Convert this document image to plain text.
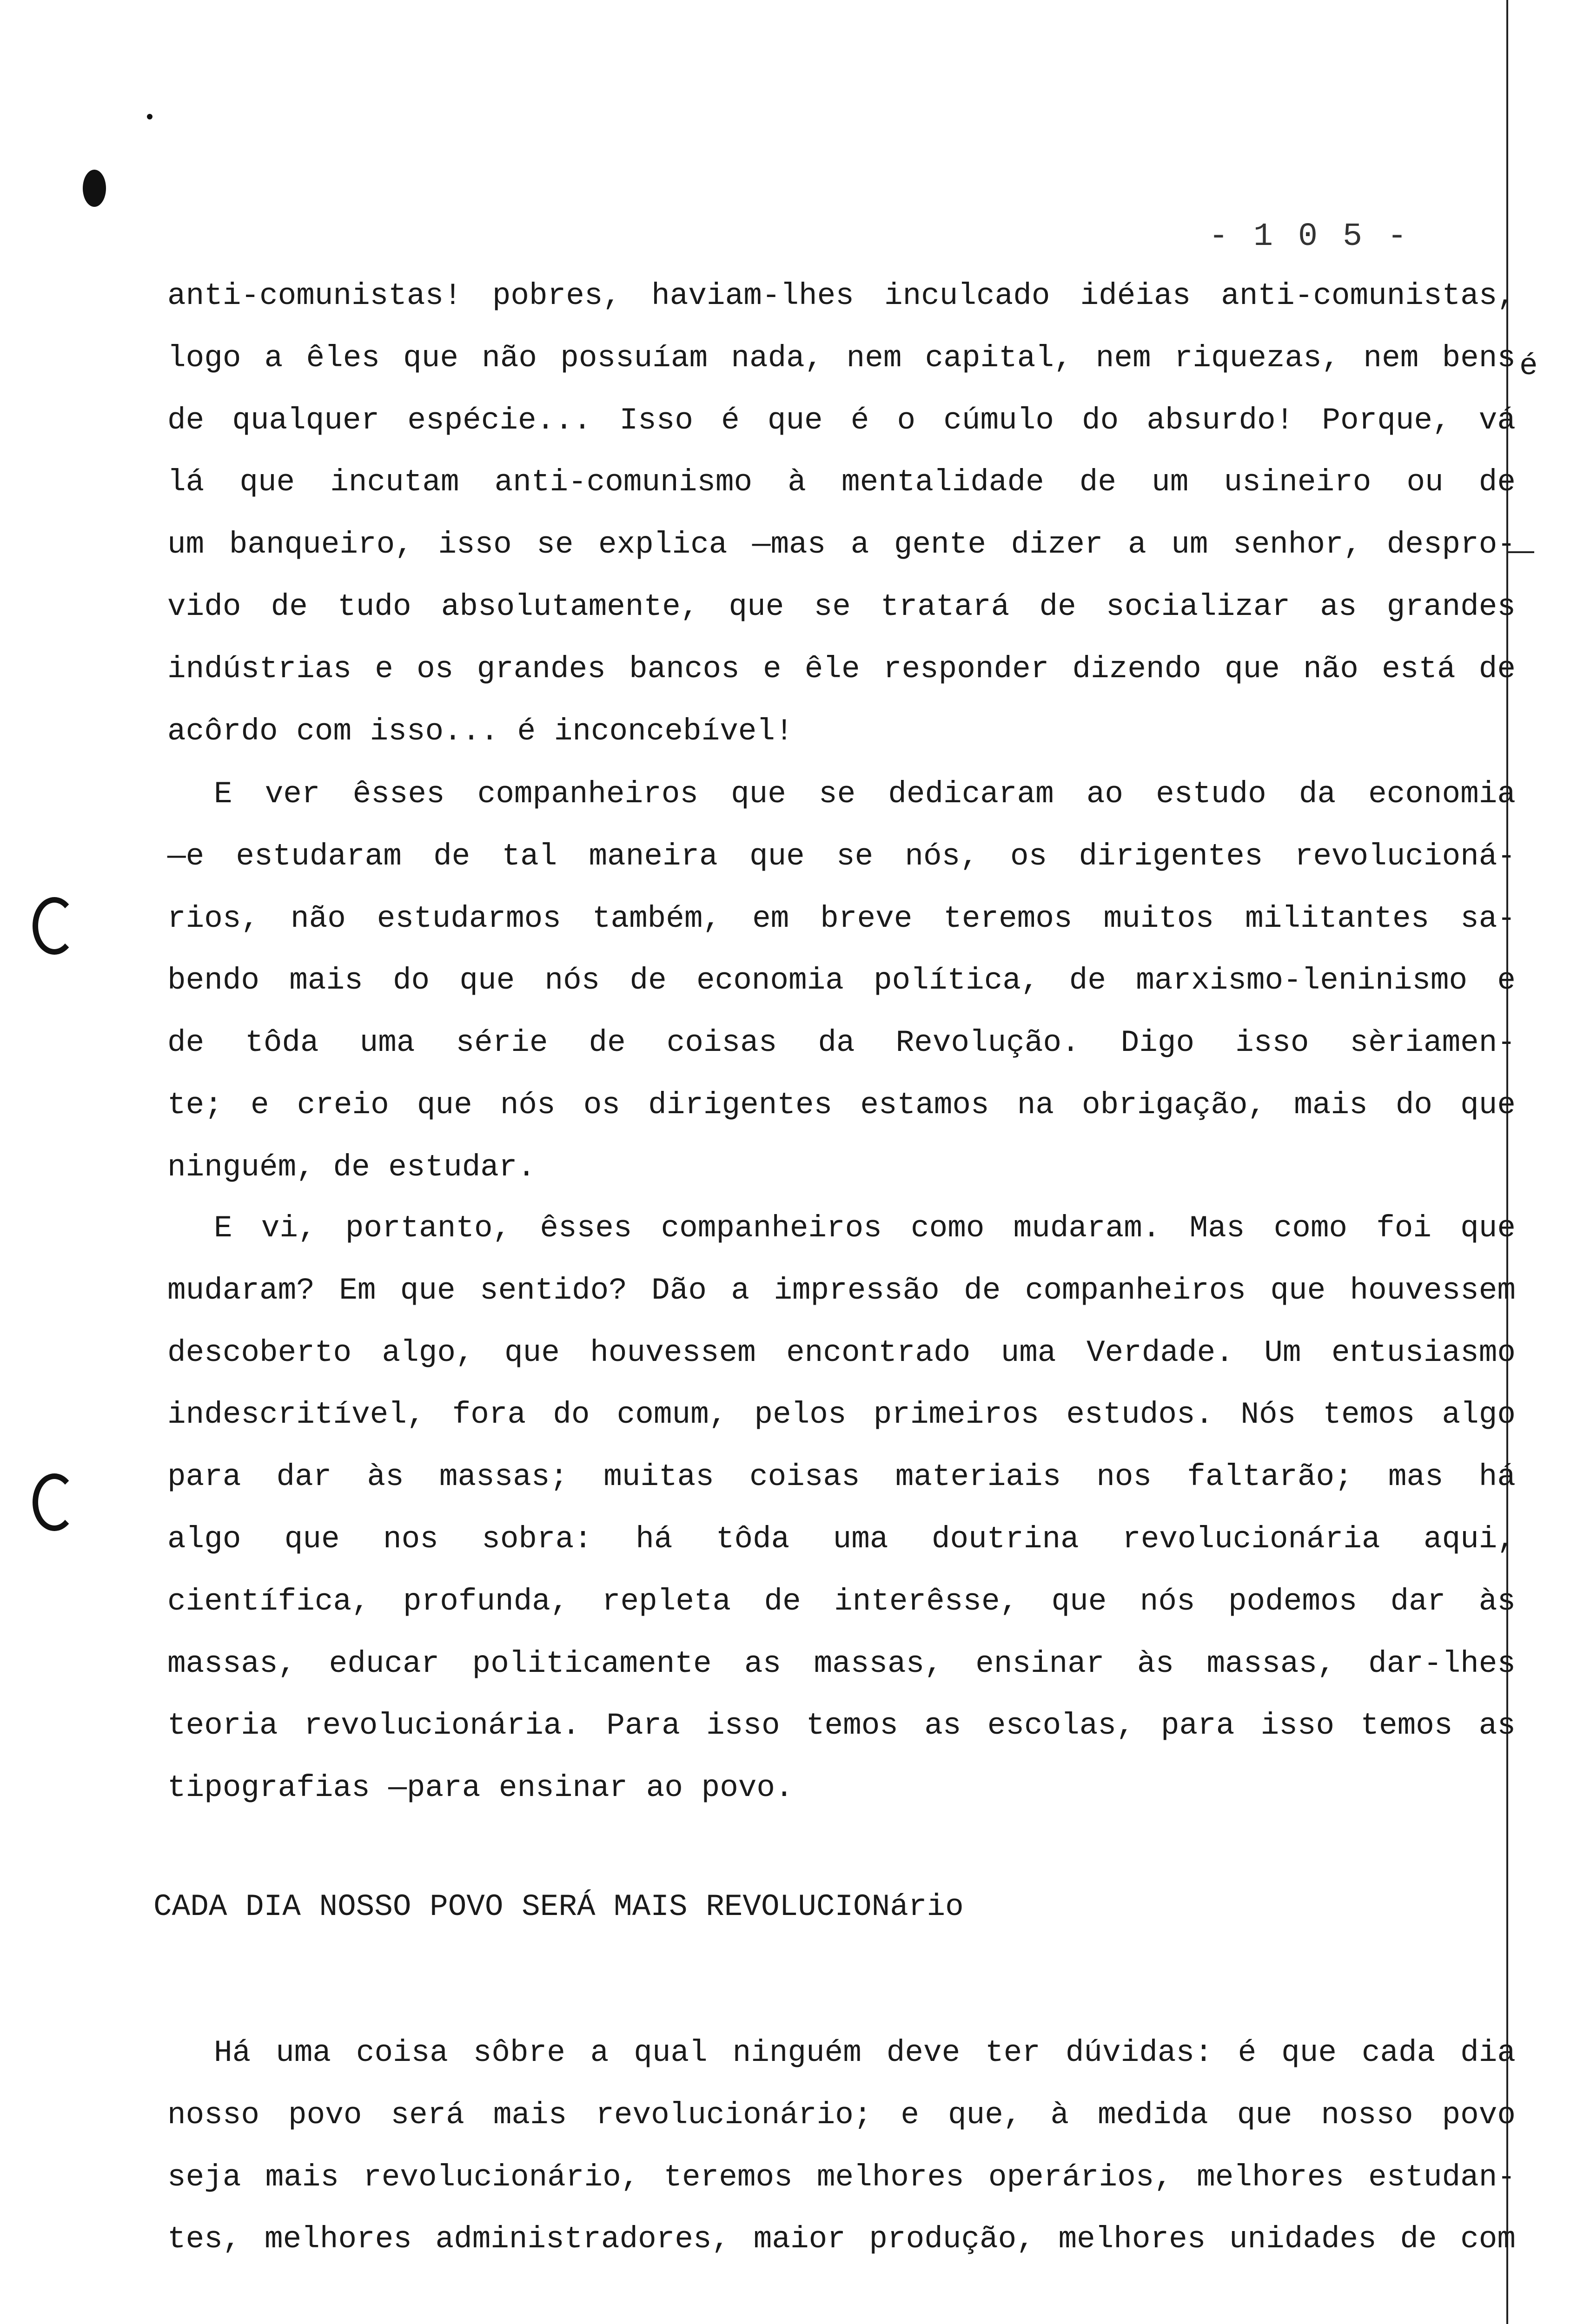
- 1 0 5 -
é
anti-comunistas! pobres, haviam-lhes inculcado idéias anti-comunistas,
logo a êles que não possuíam nada, nem capital, nem riquezas, nem bens
de qualquer espécie... Isso é que é o cúmulo do absurdo! Porque, vá
lá que incutam anti-comunismo à mentalidade de um usineiro ou de
um banqueiro, isso se explica —mas a gente dizer a um senhor, despro-
vido de tudo absolutamente, que se tratará de socializar as grandes
indústrias e os grandes bancos e êle responder dizendo que não está de
acôrdo com isso... é inconcebível!
E ver êsses companheiros que se dedicaram ao estudo da economia
—e estudaram de tal maneira que se nós, os dirigentes revolucioná-
rios, não estudarmos também, em breve teremos muitos militantes sa-
bendo mais do que nós de economia política, de marxismo-leninismo e
de tôda uma série de coisas da Revolução. Digo isso sèriamen-
te; e creio que nós os dirigentes estamos na obrigação, mais do que
ninguém, de estudar.
E vi, portanto, êsses companheiros como mudaram. Mas como foi que
mudaram? Em que sentido? Dão a impressão de companheiros que houvessem
descoberto algo, que houvessem encontrado uma Verdade. Um entusiasmo
indescritível, fora do comum, pelos primeiros estudos. Nós temos algo
para dar às massas; muitas coisas materiais nos faltarão; mas há
algo que nos sobra: há tôda uma doutrina revolucionária aqui,
científica, profunda, repleta de interêsse, que nós podemos dar às
massas, educar politicamente as massas, ensinar às massas, dar-lhes
teoria revolucionária. Para isso temos as escolas, para isso temos as
tipografias —para ensinar ao povo.
CADA DIA NOSSO POVO SERÁ MAIS REVOLUCIONário
Há uma coisa sôbre a qual ninguém deve ter dúvidas: é que cada dia
nosso povo será mais revolucionário; e que, à medida que nosso povo
seja mais revolucionário, teremos melhores operários, melhores estudan-
tes, melhores administradores, maior produção, melhores unidades de com
